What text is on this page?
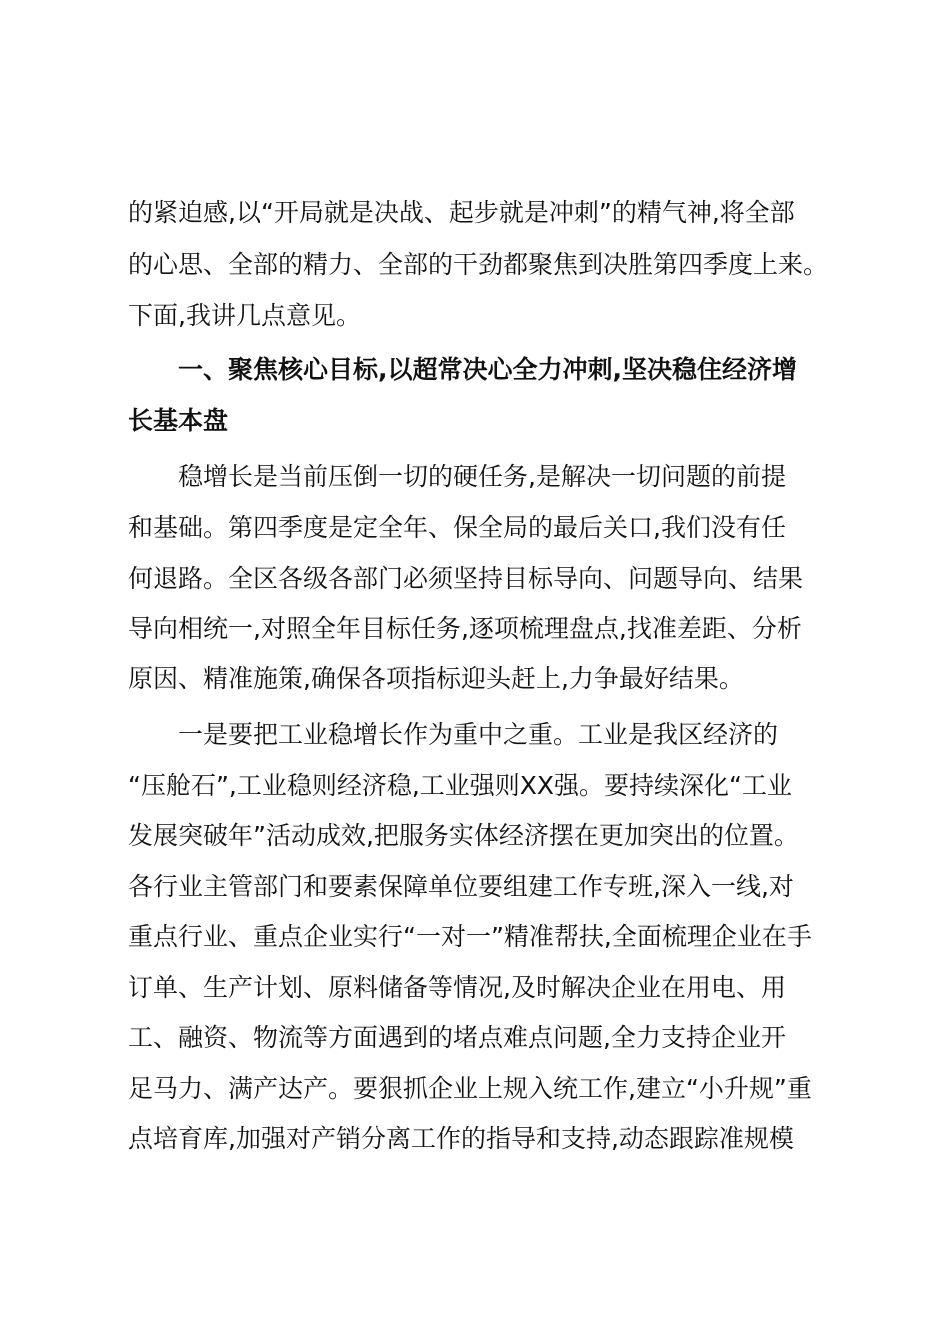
的紧迫感,以“开局就是决战、起步就是冲刺”的精气神,将全部
的心思、全部的精力、全部的干劲都聚焦到决胜第四季度上来。
下面,我讲几点意见。
一、聚焦核心目标,以超常决心全力冲刺,坚决稳住经济增
长基本盘
稳增长是当前压倒一切的硬任务,是解决一切问题的前提
和基础。第四季度是定全年、保全局的最后关口,我们没有任
何退路。全区各级各部门必须坚持目标导向、问题导向、结果
导向相统一,对照全年目标任务,逐项梳理盘点,找准差距、分析
原因、精准施策,确保各项指标迎头赶上,力争最好结果。
一是要把工业稳增长作为重中之重。工业是我区经济的
“压舱石”,工业稳则经济稳,工业强则XX强。要持续深化“工业
发展突破年”活动成效,把服务实体经济摆在更加突出的位置。
各行业主管部门和要素保障单位要组建工作专班,深入一线,对
重点行业、重点企业实行“一对一”精准帮扶,全面梳理企业在手
订单、生产计划、原料储备等情况,及时解决企业在用电、用
工、融资、物流等方面遇到的堵点难点问题,全力支持企业开
足马力、满产达产。要狠抓企业上规入统工作,建立“小升规”重
点培育库,加强对产销分离工作的指导和支持,动态跟踪准规模
